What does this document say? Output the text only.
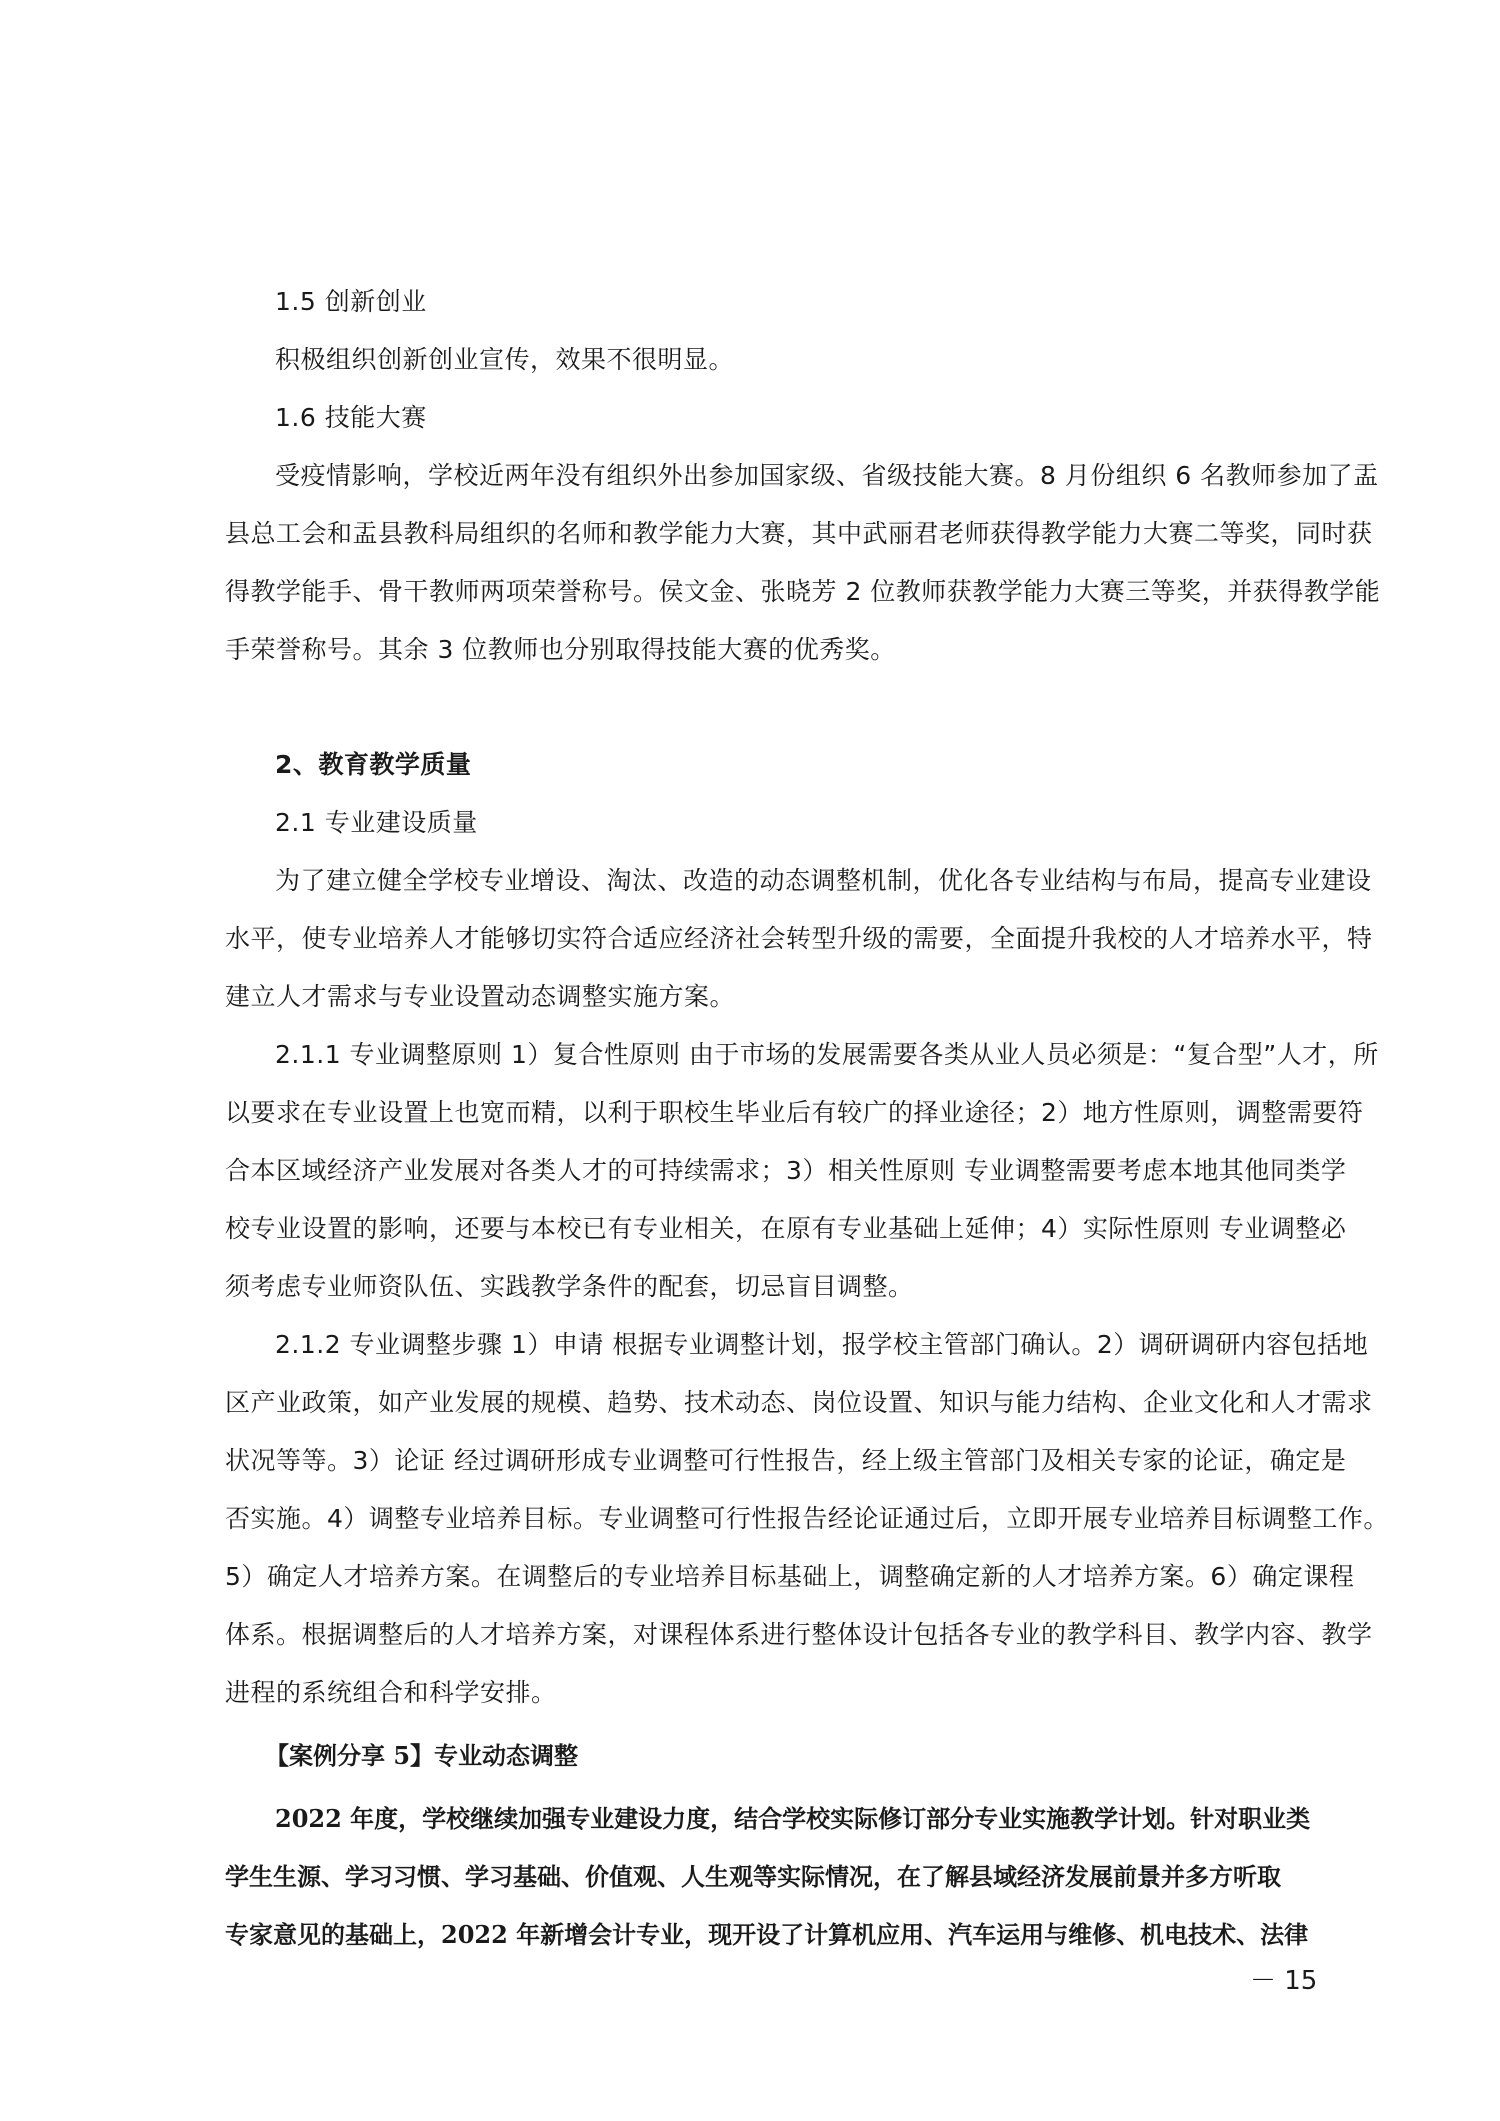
1.5 创新创业
积极组织创新创业宣传，效果不很明显。
1.6 技能大赛
受疫情影响，学校近两年没有组织外出参加国家级、省级技能大赛。8 月份组织 6 名教师参加了盂
县总工会和盂县教科局组织的名师和教学能力大赛，其中武丽君老师获得教学能力大赛二等奖，同时获
得教学能手、骨干教师两项荣誉称号。侯文金、张晓芳 2 位教师获教学能力大赛三等奖，并获得教学能
手荣誉称号。其余 3 位教师也分别取得技能大赛的优秀奖。
2、教育教学质量
2.1 专业建设质量
为了建立健全学校专业增设、淘汰、改造的动态调整机制，优化各专业结构与布局，提高专业建设
水平，使专业培养人才能够切实符合适应经济社会转型升级的需要，全面提升我校的人才培养水平，特
建立人才需求与专业设置动态调整实施方案。
2.1.1 专业调整原则 1）复合性原则 由于市场的发展需要各类从业人员必须是：“复合型”人才，所
以要求在专业设置上也宽而精，以利于职校生毕业后有较广的择业途径；2）地方性原则，调整需要符
合本区域经济产业发展对各类人才的可持续需求；3）相关性原则 专业调整需要考虑本地其他同类学
校专业设置的影响，还要与本校已有专业相关，在原有专业基础上延伸；4）实际性原则 专业调整必
须考虑专业师资队伍、实践教学条件的配套，切忌盲目调整。
2.1.2 专业调整步骤 1）申请 根据专业调整计划，报学校主管部门确认。2）调研调研内容包括地
区产业政策，如产业发展的规模、趋势、技术动态、岗位设置、知识与能力结构、企业文化和人才需求
状况等等。3）论证 经过调研形成专业调整可行性报告，经上级主管部门及相关专家的论证，确定是
否实施。4）调整专业培养目标。专业调整可行性报告经论证通过后，立即开展专业培养目标调整工作。
5）确定人才培养方案。在调整后的专业培养目标基础上，调整确定新的人才培养方案。6）确定课程
体系。根据调整后的人才培养方案，对课程体系进行整体设计包括各专业的教学科目、教学内容、教学
进程的系统组合和科学安排。
【案例分享 5】专业动态调整
2022 年度，学校继续加强专业建设力度，结合学校实际修订部分专业实施教学计划。针对职业类
学生生源、学习习惯、学习基础、价值观、人生观等实际情况，在了解县域经济发展前景并多方听取
专家意见的基础上，2022 年新增会计专业，现开设了计算机应用、汽车运用与维修、机电技术、法律
－ 15
